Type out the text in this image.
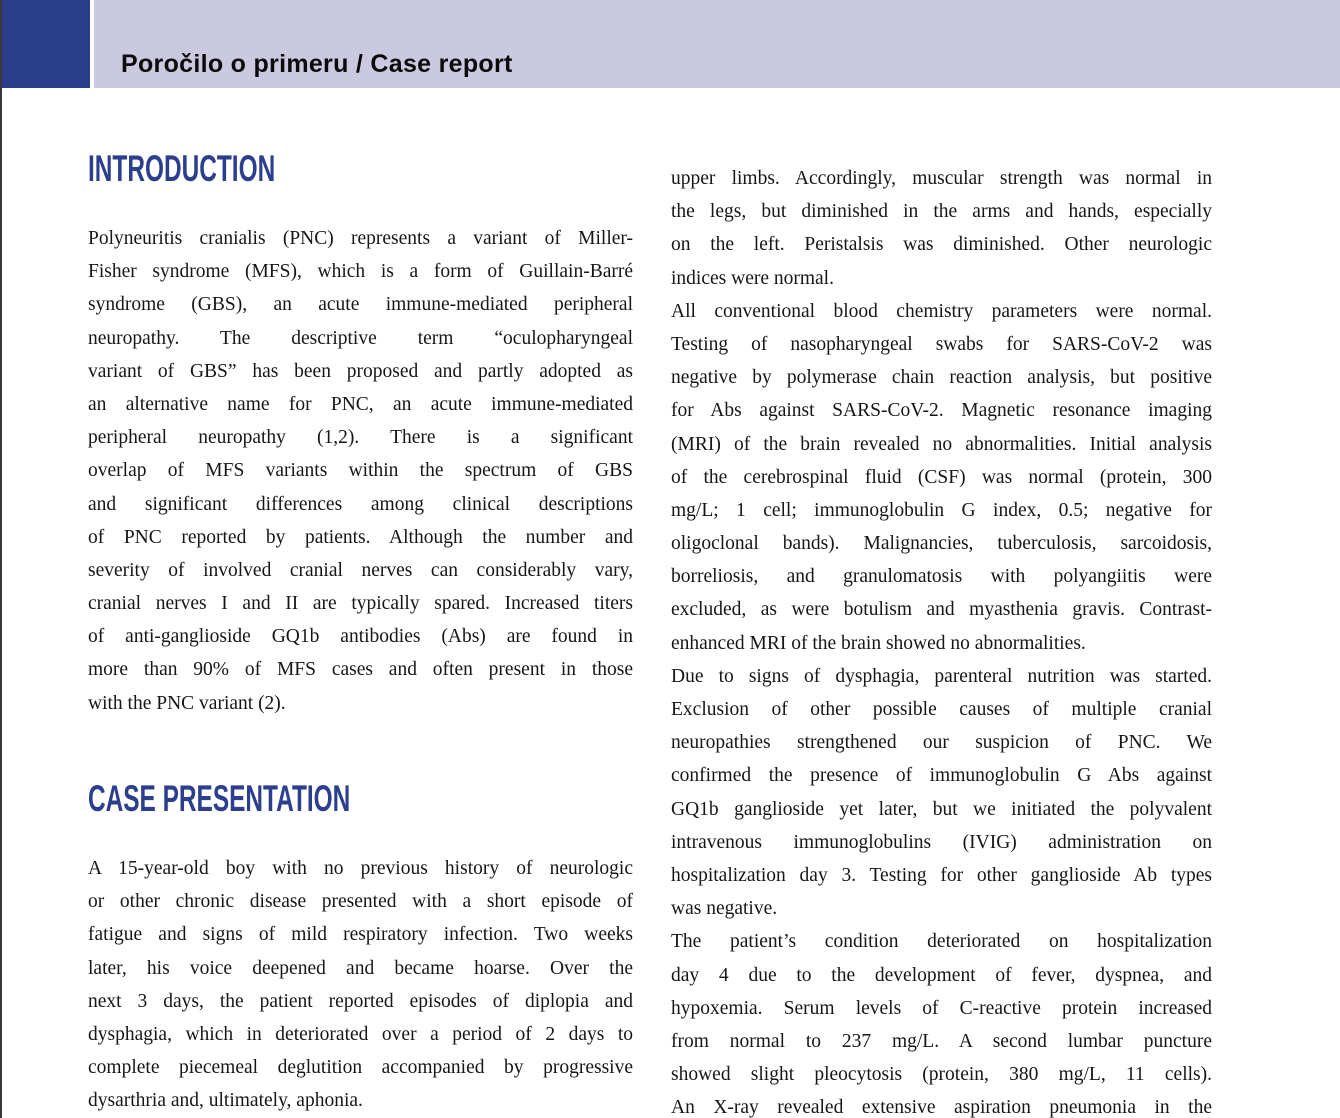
Poročilo o primeru / Case report
INTRODUCTION
Polyneuritis cranialis (PNC) represents a variant of Miller-
Fisher syndrome (MFS), which is a form of Guillain-Barré
syndrome (GBS), an acute immune-mediated peripheral
neuropathy. The descriptive term “oculopharyngeal
variant of GBS” has been proposed and partly adopted as
an alternative name for PNC, an acute immune-mediated
peripheral neuropathy (1,2). There is a significant
overlap of MFS variants within the spectrum of GBS
and significant differences among clinical descriptions
of PNC reported by patients. Although the number and
severity of involved cranial nerves can considerably vary,
cranial nerves I and II are typically spared. Increased titers
of anti-ganglioside GQ1b antibodies (Abs) are found in
more than 90% of MFS cases and often present in those
with the PNC variant (2).
CASE PRESENTATION
A 15-year-old boy with no previous history of neurologic
or other chronic disease presented with a short episode of
fatigue and signs of mild respiratory infection. Two weeks
later, his voice deepened and became hoarse. Over the
next 3 days, the patient reported episodes of diplopia and
dysphagia, which in deteriorated over a period of 2 days to
complete piecemeal deglutition accompanied by progressive
dysarthria and, ultimately, aphonia.
upper limbs. Accordingly, muscular strength was normal in
the legs, but diminished in the arms and hands, especially
on the left. Peristalsis was diminished. Other neurologic
indices were normal.
All conventional blood chemistry parameters were normal.
Testing of nasopharyngeal swabs for SARS-CoV-2 was
negative by polymerase chain reaction analysis, but positive
for Abs against SARS-CoV-2. Magnetic resonance imaging
(MRI) of the brain revealed no abnormalities. Initial analysis
of the cerebrospinal fluid (CSF) was normal (protein, 300
mg/L; 1 cell; immunoglobulin G index, 0.5; negative for
oligoclonal bands). Malignancies, tuberculosis, sarcoidosis,
borreliosis, and granulomatosis with polyangiitis were
excluded, as were botulism and myasthenia gravis. Contrast-
enhanced MRI of the brain showed no abnormalities.
Due to signs of dysphagia, parenteral nutrition was started.
Exclusion of other possible causes of multiple cranial
neuropathies strengthened our suspicion of PNC. We
confirmed the presence of immunoglobulin G Abs against
GQ1b ganglioside yet later, but we initiated the polyvalent
intravenous immunoglobulins (IVIG) administration on
hospitalization day 3. Testing for other ganglioside Ab types
was negative.
The patient’s condition deteriorated on hospitalization
day 4 due to the development of fever, dyspnea, and
hypoxemia. Serum levels of C-reactive protein increased
from normal to 237 mg/L. A second lumbar puncture
showed slight pleocytosis (protein, 380 mg/L, 11 cells).
An X-ray revealed extensive aspiration pneumonia in the
